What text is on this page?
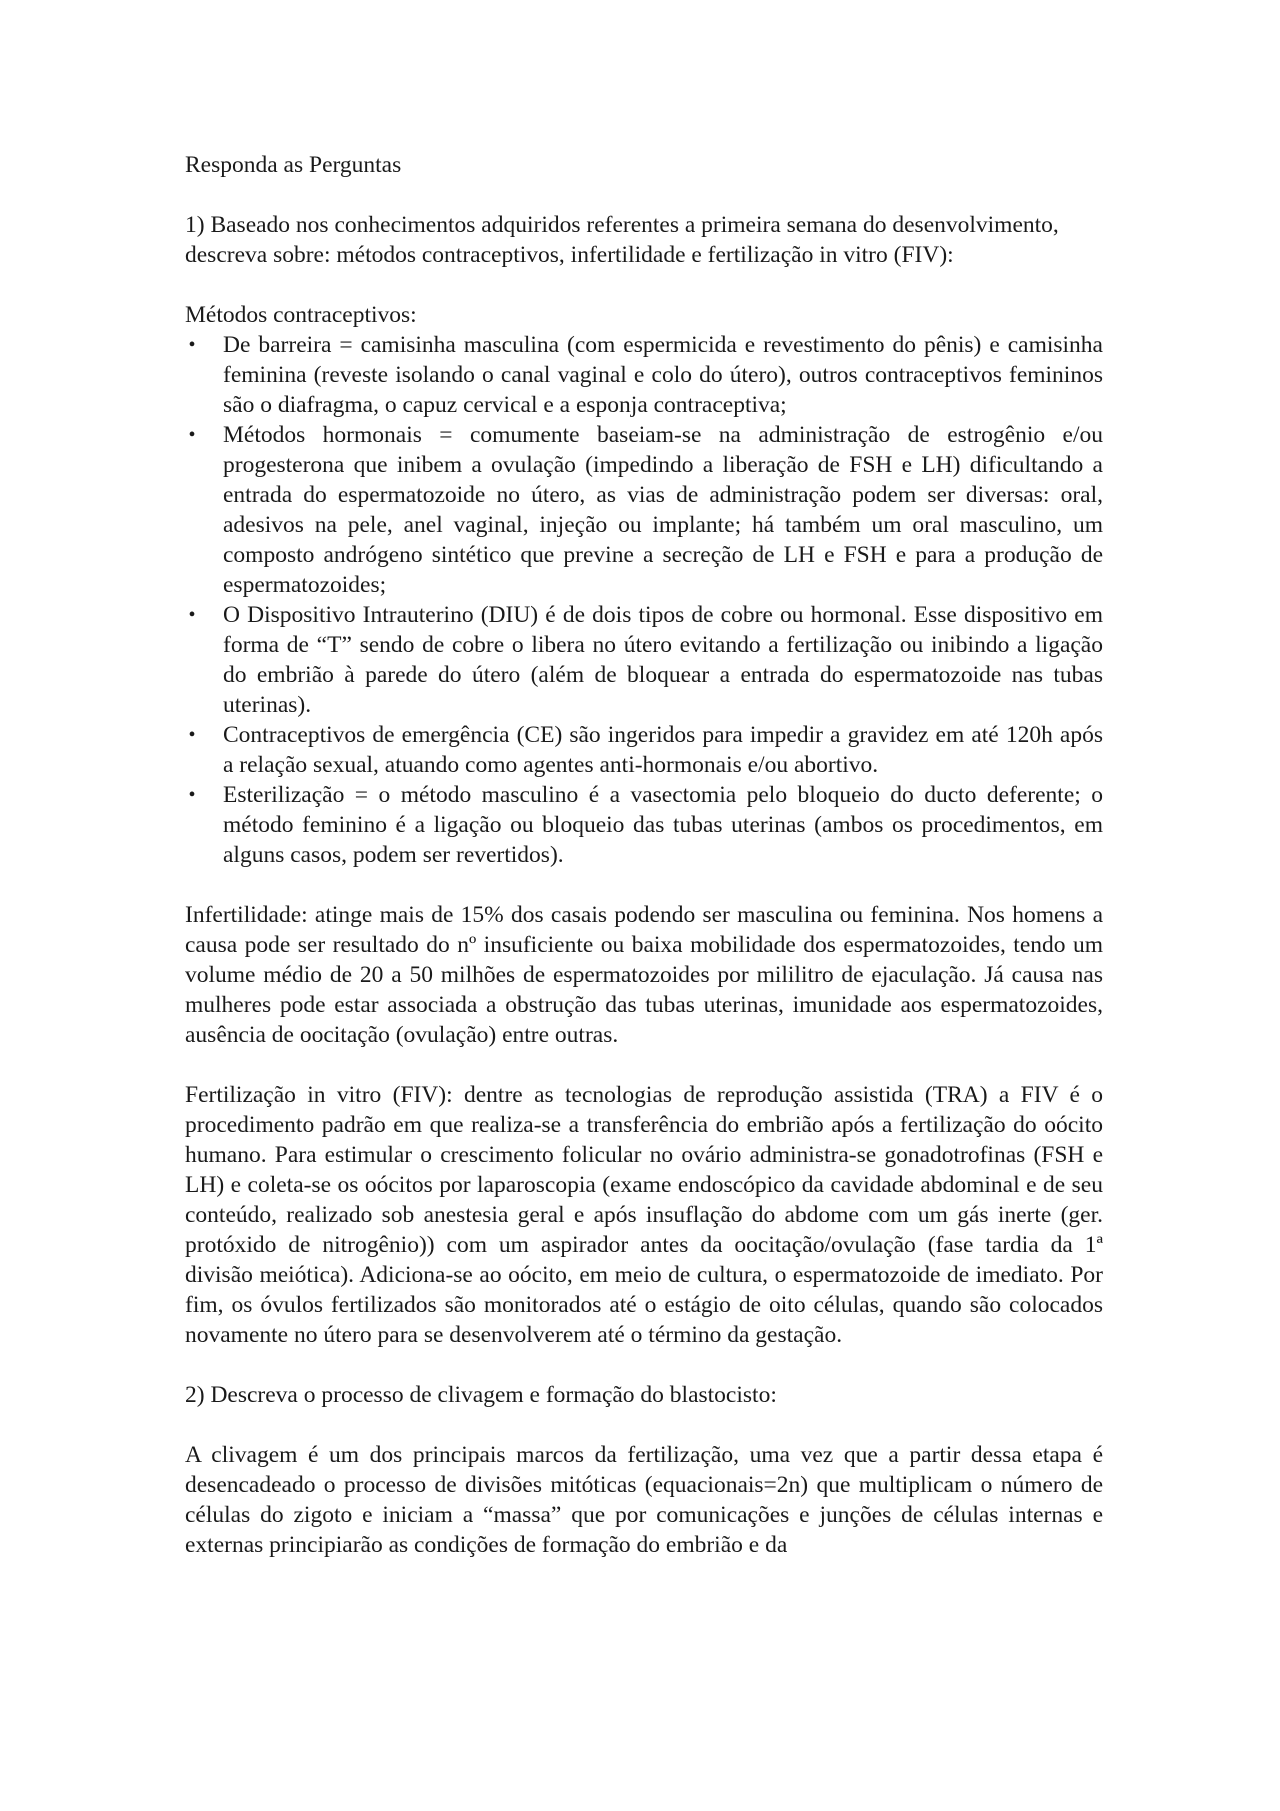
Responda as Perguntas

1) Baseado nos conhecimentos adquiridos referentes a primeira semana do desenvolvimento, descreva sobre: métodos contraceptivos, infertilidade e fertilização in vitro (FIV):

Métodos contraceptivos:

• De barreira = camisinha masculina (com espermicida e revestimento do pênis) e camisinha feminina (reveste isolando o canal vaginal e colo do útero), outros contraceptivos femininos são o diafragma, o capuz cervical e a esponja contraceptiva;
• Métodos hormonais = comumente baseiam-se na administração de estrogênio e/ou progesterona que inibem a ovulação (impedindo a liberação de FSH e LH) dificultando a entrada do espermatozoide no útero, as vias de administração podem ser diversas: oral, adesivos na pele, anel vaginal, injeção ou implante; há também um oral masculino, um composto andrógeno sintético que previne a secreção de LH e FSH e para a produção de espermatozoides;
• O Dispositivo Intrauterino (DIU) é de dois tipos de cobre ou hormonal. Esse dispositivo em forma de “T” sendo de cobre o libera no útero evitando a fertilização ou inibindo a ligação do embrião à parede do útero (além de bloquear a entrada do espermatozoide nas tubas uterinas).
• Contraceptivos de emergência (CE) são ingeridos para impedir a gravidez em até 120h após a relação sexual, atuando como agentes anti-hormonais e/ou abortivo.
• Esterilização = o método masculino é a vasectomia pelo bloqueio do ducto deferente; o método feminino é a ligação ou bloqueio das tubas uterinas (ambos os procedimentos, em alguns casos, podem ser revertidos).

Infertilidade: atinge mais de 15% dos casais podendo ser masculina ou feminina. Nos homens a causa pode ser resultado do nº insuficiente ou baixa mobilidade dos espermatozoides, tendo um volume médio de 20 a 50 milhões de espermatozoides por mililitro de ejaculação. Já causa nas mulheres pode estar associada a obstrução das tubas uterinas, imunidade aos espermatozoides, ausência de oocitação (ovulação) entre outras.

Fertilização in vitro (FIV): dentre as tecnologias de reprodução assistida (TRA) a FIV é o procedimento padrão em que realiza-se a transferência do embrião após a fertilização do oócito humano. Para estimular o crescimento folicular no ovário administra-se gonadotrofinas (FSH e LH) e coleta-se os oócitos por laparoscopia (exame endoscópico da cavidade abdominal e de seu conteúdo, realizado sob anestesia geral e após insuflação do abdome com um gás inerte (ger. protóxido de nitrogênio)) com um aspirador antes da oocitação/ovulação (fase tardia da 1ª divisão meiótica). Adiciona-se ao oócito, em meio de cultura, o espermatozoide de imediato. Por fim, os óvulos fertilizados são monitorados até o estágio de oito células, quando são colocados novamente no útero para se desenvolverem até o término da gestação.

2) Descreva o processo de clivagem e formação do blastocisto:

A clivagem é um dos principais marcos da fertilização, uma vez que a partir dessa etapa é desencadeado o processo de divisões mitóticas (equacionais=2n) que multiplicam o número de células do zigoto e iniciam a “massa” que por comunicações e junções de células internas e externas principiarão as condições de formação do embrião e da
